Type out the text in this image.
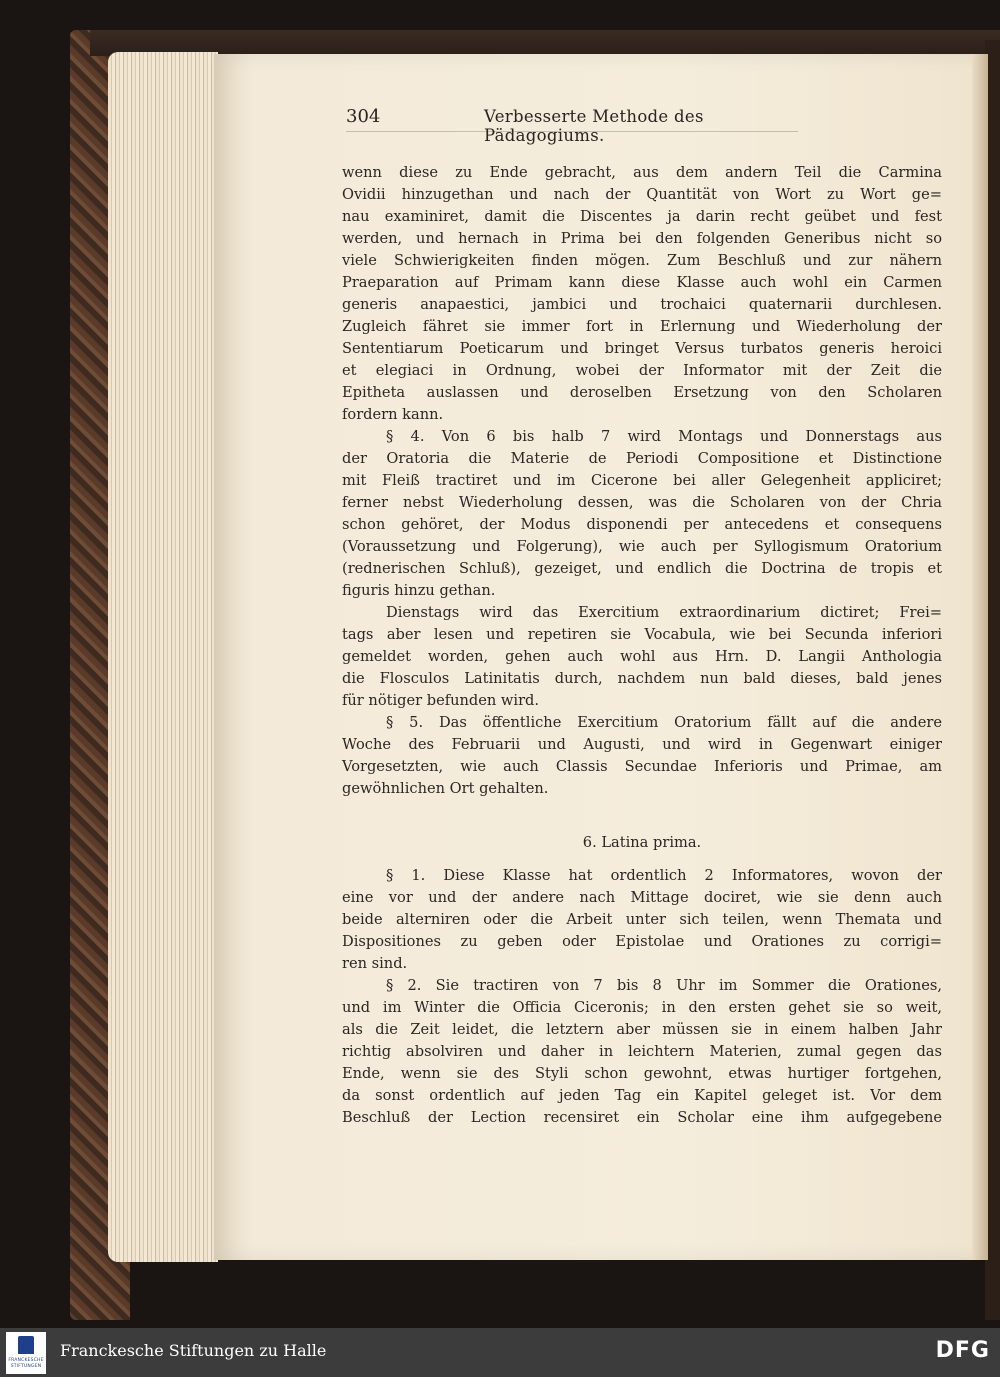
304	Verbesserte Methode des Pädagogiums.
wenn diese zu Ende gebracht, aus dem andern Teil die Carmina
Ovidii hinzugethan und nach der Quantität von Wort zu Wort ge=
nau examiniret, damit die Discentes ja darin recht geübet und fest
werden, und hernach in Prima bei den folgenden Generibus nicht so
viele Schwierigkeiten finden mögen. Zum Beschluß und zur nähern
Praeparation auf Primam kann diese Klasse auch wohl ein Carmen
generis anapaestici, jambici und trochaici quaternarii durchlesen.
Zugleich fähret sie immer fort in Erlernung und Wiederholung der
Sententiarum Poeticarum und bringet Versus turbatos generis heroici
et elegiaci in Ordnung, wobei der Informator mit der Zeit die
Epitheta auslassen und deroselben Ersetzung von den Scholaren
fordern kann.
§ 4. Von 6 bis halb 7 wird Montags und Donnerstags aus
der Oratoria die Materie de Periodi Compositione et Distinctione
mit Fleiß tractiret und im Cicerone bei aller Gelegenheit appliciret;
ferner nebst Wiederholung dessen, was die Scholaren von der Chria
schon gehöret, der Modus disponendi per antecedens et consequens
(Voraussetzung und Folgerung), wie auch per Syllogismum Oratorium
(rednerischen Schluß), gezeiget, und endlich die Doctrina de tropis et
figuris hinzu gethan.
Dienstags wird das Exercitium extraordinarium dictiret; Frei=
tags aber lesen und repetiren sie Vocabula, wie bei Secunda inferiori
gemeldet worden, gehen auch wohl aus Hrn. D. Langii Anthologia
die Flosculos Latinitatis durch, nachdem nun bald dieses, bald jenes
für nötiger befunden wird.
§ 5. Das öffentliche Exercitium Oratorium fällt auf die andere
Woche des Februarii und Augusti, und wird in Gegenwart einiger
Vorgesetzten, wie auch Classis Secundae Inferioris und Primae, am
gewöhnlichen Ort gehalten.
6. Latina prima.
§ 1. Diese Klasse hat ordentlich 2 Informatores, wovon der
eine vor und der andere nach Mittage dociret, wie sie denn auch
beide alterniren oder die Arbeit unter sich teilen, wenn Themata und
Dispositiones zu geben oder Epistolae und Orationes zu corrigi=
ren sind.
§ 2. Sie tractiren von 7 bis 8 Uhr im Sommer die Orationes,
und im Winter die Officia Ciceronis; in den ersten gehet sie so weit,
als die Zeit leidet, die letztern aber müssen sie in einem halben Jahr
richtig absolviren und daher in leichtern Materien, zumal gegen das
Ende, wenn sie des Styli schon gewohnt, etwas hurtiger fortgehen,
da sonst ordentlich auf jeden Tag ein Kapitel geleget ist. Vor dem
Beschluß der Lection recensiret ein Scholar eine ihm aufgegebene
FRANCKESCHE
STIFTUNGEN
Franckesche Stiftungen zu Halle	DFG
